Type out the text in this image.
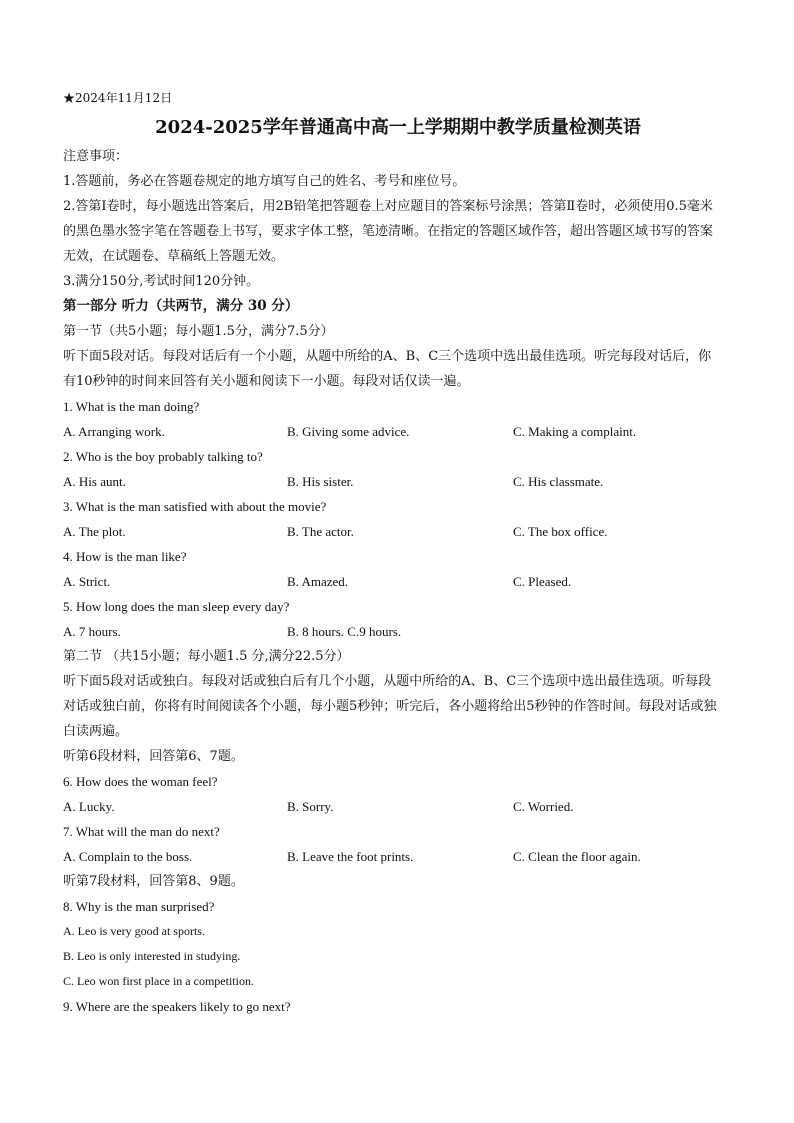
★2024年11月12日
2024-2025学年普通高中高一上学期期中教学质量检测英语
注意事项：
1.答题前，务必在答题卷规定的地方填写自己的姓名、考号和座位号。
2.答第Ⅰ卷时，每小题选出答案后，用2B铅笔把答题卷上对应题目的答案标号涂黑；答第Ⅱ卷时，必须使用0.5毫米的黑色墨水签字笔在答题卷上书写，要求字体工整，笔迹清晰。在指定的答题区域作答，超出答题区域书写的答案无效，在试题卷、草稿纸上答题无效。
3.满分150分,考试时间120分钟。
第一部分 听力（共两节，满分 30 分）
第一节（共5小题；每小题1.5分，满分7.5分）
听下面5段对话。每段对话后有一个小题，从题中所给的A、B、C三个选项中选出最佳选项。听完每段对话后，你有10秒钟的时间来回答有关小题和阅读下一小题。每段对话仅读一遍。
1. What is the man doing?
A. Arranging work.	B. Giving some advice.	C. Making a complaint.
2. Who is the boy probably talking to?
A. His aunt.	B. His sister.	C. His classmate.
3. What is the man satisfied with about the movie?
A. The plot.	B. The actor.	C. The box office.
4. How is the man like?
A. Strict.	B. Amazed.	C. Pleased.
5. How long does the man sleep every day?
A. 7 hours.	B. 8 hours. C.9 hours.
第二节 （共15小题；每小题1.5 分,满分22.5分）
听下面5段对话或独白。每段对话或独白后有几个小题，从题中所给的A、B、C三个选项中选出最佳选项。听每段对话或独白前，你将有时间阅读各个小题，每小题5秒钟；听完后，各小题将给出5秒钟的作答时间。每段对话或独白读两遍。
听第6段材料，回答第6、7题。
6. How does the woman feel?
A. Lucky.	B. Sorry.	C. Worried.
7. What will the man do next?
A. Complain to the boss.	B. Leave the foot prints.	C. Clean the floor again.
听第7段材料，回答第8、9题。
8. Why is the man surprised?
A. Leo is very good at sports.
B. Leo is only interested in studying.
C. Leo won first place in a competition.
9. Where are the speakers likely to go next?
